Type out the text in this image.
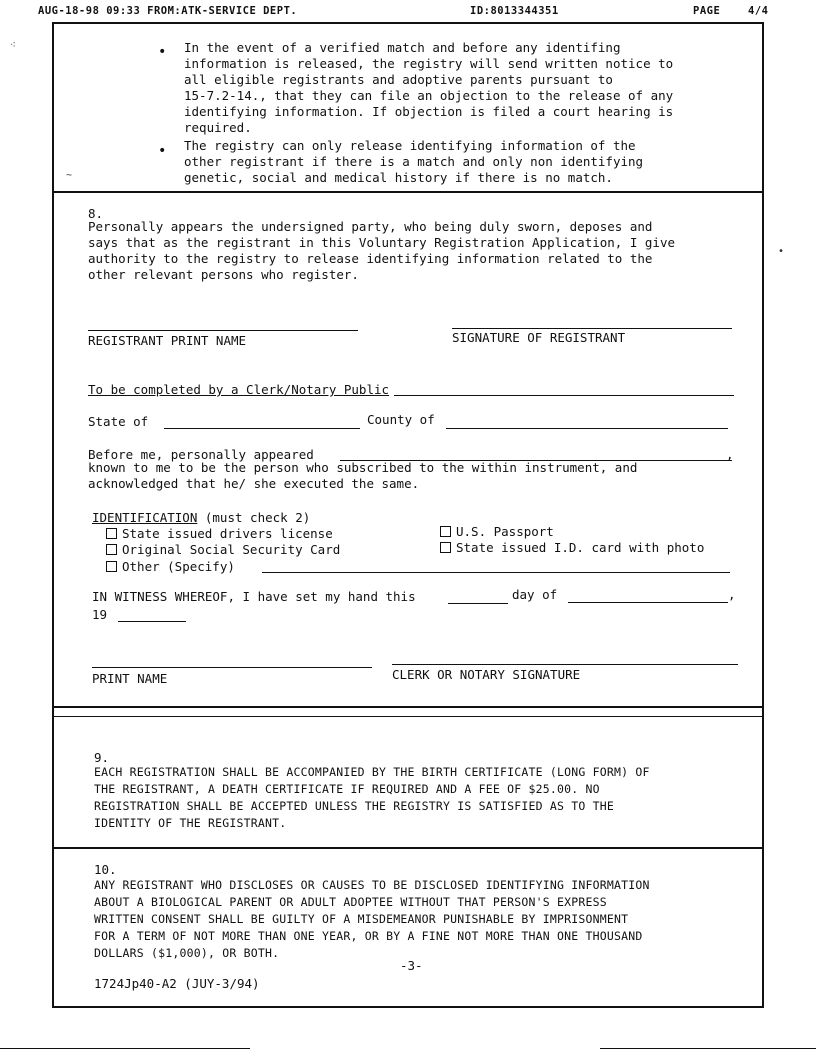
AUG-18-98 09:33 FROM:ATK-SERVICE DEPT.	ID:8013344351	PAGE	4/4
⁖
~
•
• In the event of a verified match and before any identifing
information is released, the registry will send written notice to
all eligible registrants and adoptive parents pursuant to
15-7.2-14., that they can file an objection to the release of any
identifying information. If objection is filed a court hearing is
required.
• The registry can only release identifying information of the
other registrant if there is a match and only non identifying
genetic, social and medical history if there is no match.
8.
Personally appears the undersigned party, who being duly sworn, deposes and
says that as the registrant in this Voluntary Registration Application, I give
authority to the registry to release identifying information related to the
other relevant persons who register.
REGISTRANT PRINT NAME	SIGNATURE OF REGISTRANT
To be completed by a Clerk/Notary Public
State of	County of
Before me, personally appeared	,
known to me to be the person who subscribed to the within instrument, and
acknowledged that he/ she executed the same.
IDENTIFICATION (must check 2)
State issued drivers license
Original Social Security Card
Other (Specify)
U.S. Passport
State issued I.D. card with photo
IN WITNESS WHEREOF, I have set my hand this	day of	,
19
PRINT NAME	CLERK OR NOTARY SIGNATURE
9.
EACH REGISTRATION SHALL BE ACCOMPANIED BY THE BIRTH CERTIFICATE (LONG FORM) OF
THE REGISTRANT, A DEATH CERTIFICATE IF REQUIRED AND A FEE OF $25.00. NO
REGISTRATION SHALL BE ACCEPTED UNLESS THE REGISTRY IS SATISFIED AS TO THE
IDENTITY OF THE REGISTRANT.
10.
ANY REGISTRANT WHO DISCLOSES OR CAUSES TO BE DISCLOSED IDENTIFYING INFORMATION
ABOUT A BIOLOGICAL PARENT OR ADULT ADOPTEE WITHOUT THAT PERSON'S EXPRESS
WRITTEN CONSENT SHALL BE GUILTY OF A MISDEMEANOR PUNISHABLE BY IMPRISONMENT
FOR A TERM OF NOT MORE THAN ONE YEAR, OR BY A FINE NOT MORE THAN ONE THOUSAND
DOLLARS ($1,000), OR BOTH.
-3-
1724Jp40-A2 (JUY-3/94)
